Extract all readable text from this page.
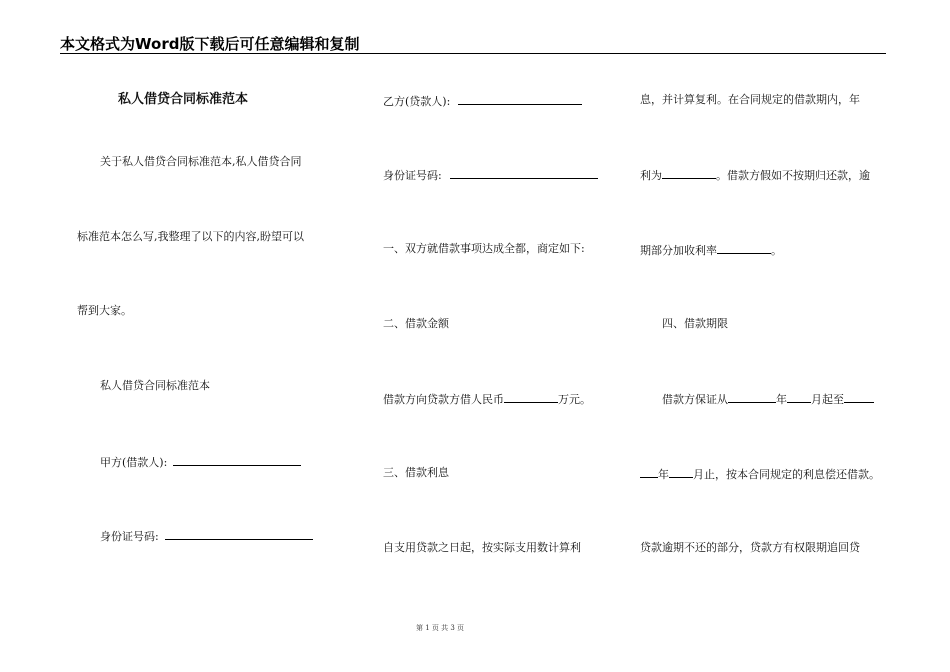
本文格式为Word版下载后可任意编辑和复制
私人借贷合同标准范本
关于私人借贷合同标准范本,私人借贷合同
标准范本怎么写,我整理了以下的内容,盼望可以
帮到大家。
私人借贷合同标准范本
甲方(借款人):
身份证号码:
乙方(贷款人):
身份证号码:
一、双方就借款事项达成全都，商定如下:
二、借款金额
借款方向贷款方借人民币	万元。
三、借款利息
自支用贷款之日起，按实际支用数计算利
息，并计算复利。在合同规定的借款期内，年
利为	。借款方假如不按期归还款，逾
期部分加收利率	。
四、借款期限
借款方保证从	年 月起至
年 月止，按本合同规定的利息偿还借款。
贷款逾期不还的部分，贷款方有权限期追回贷
第 1 页 共 3 页
